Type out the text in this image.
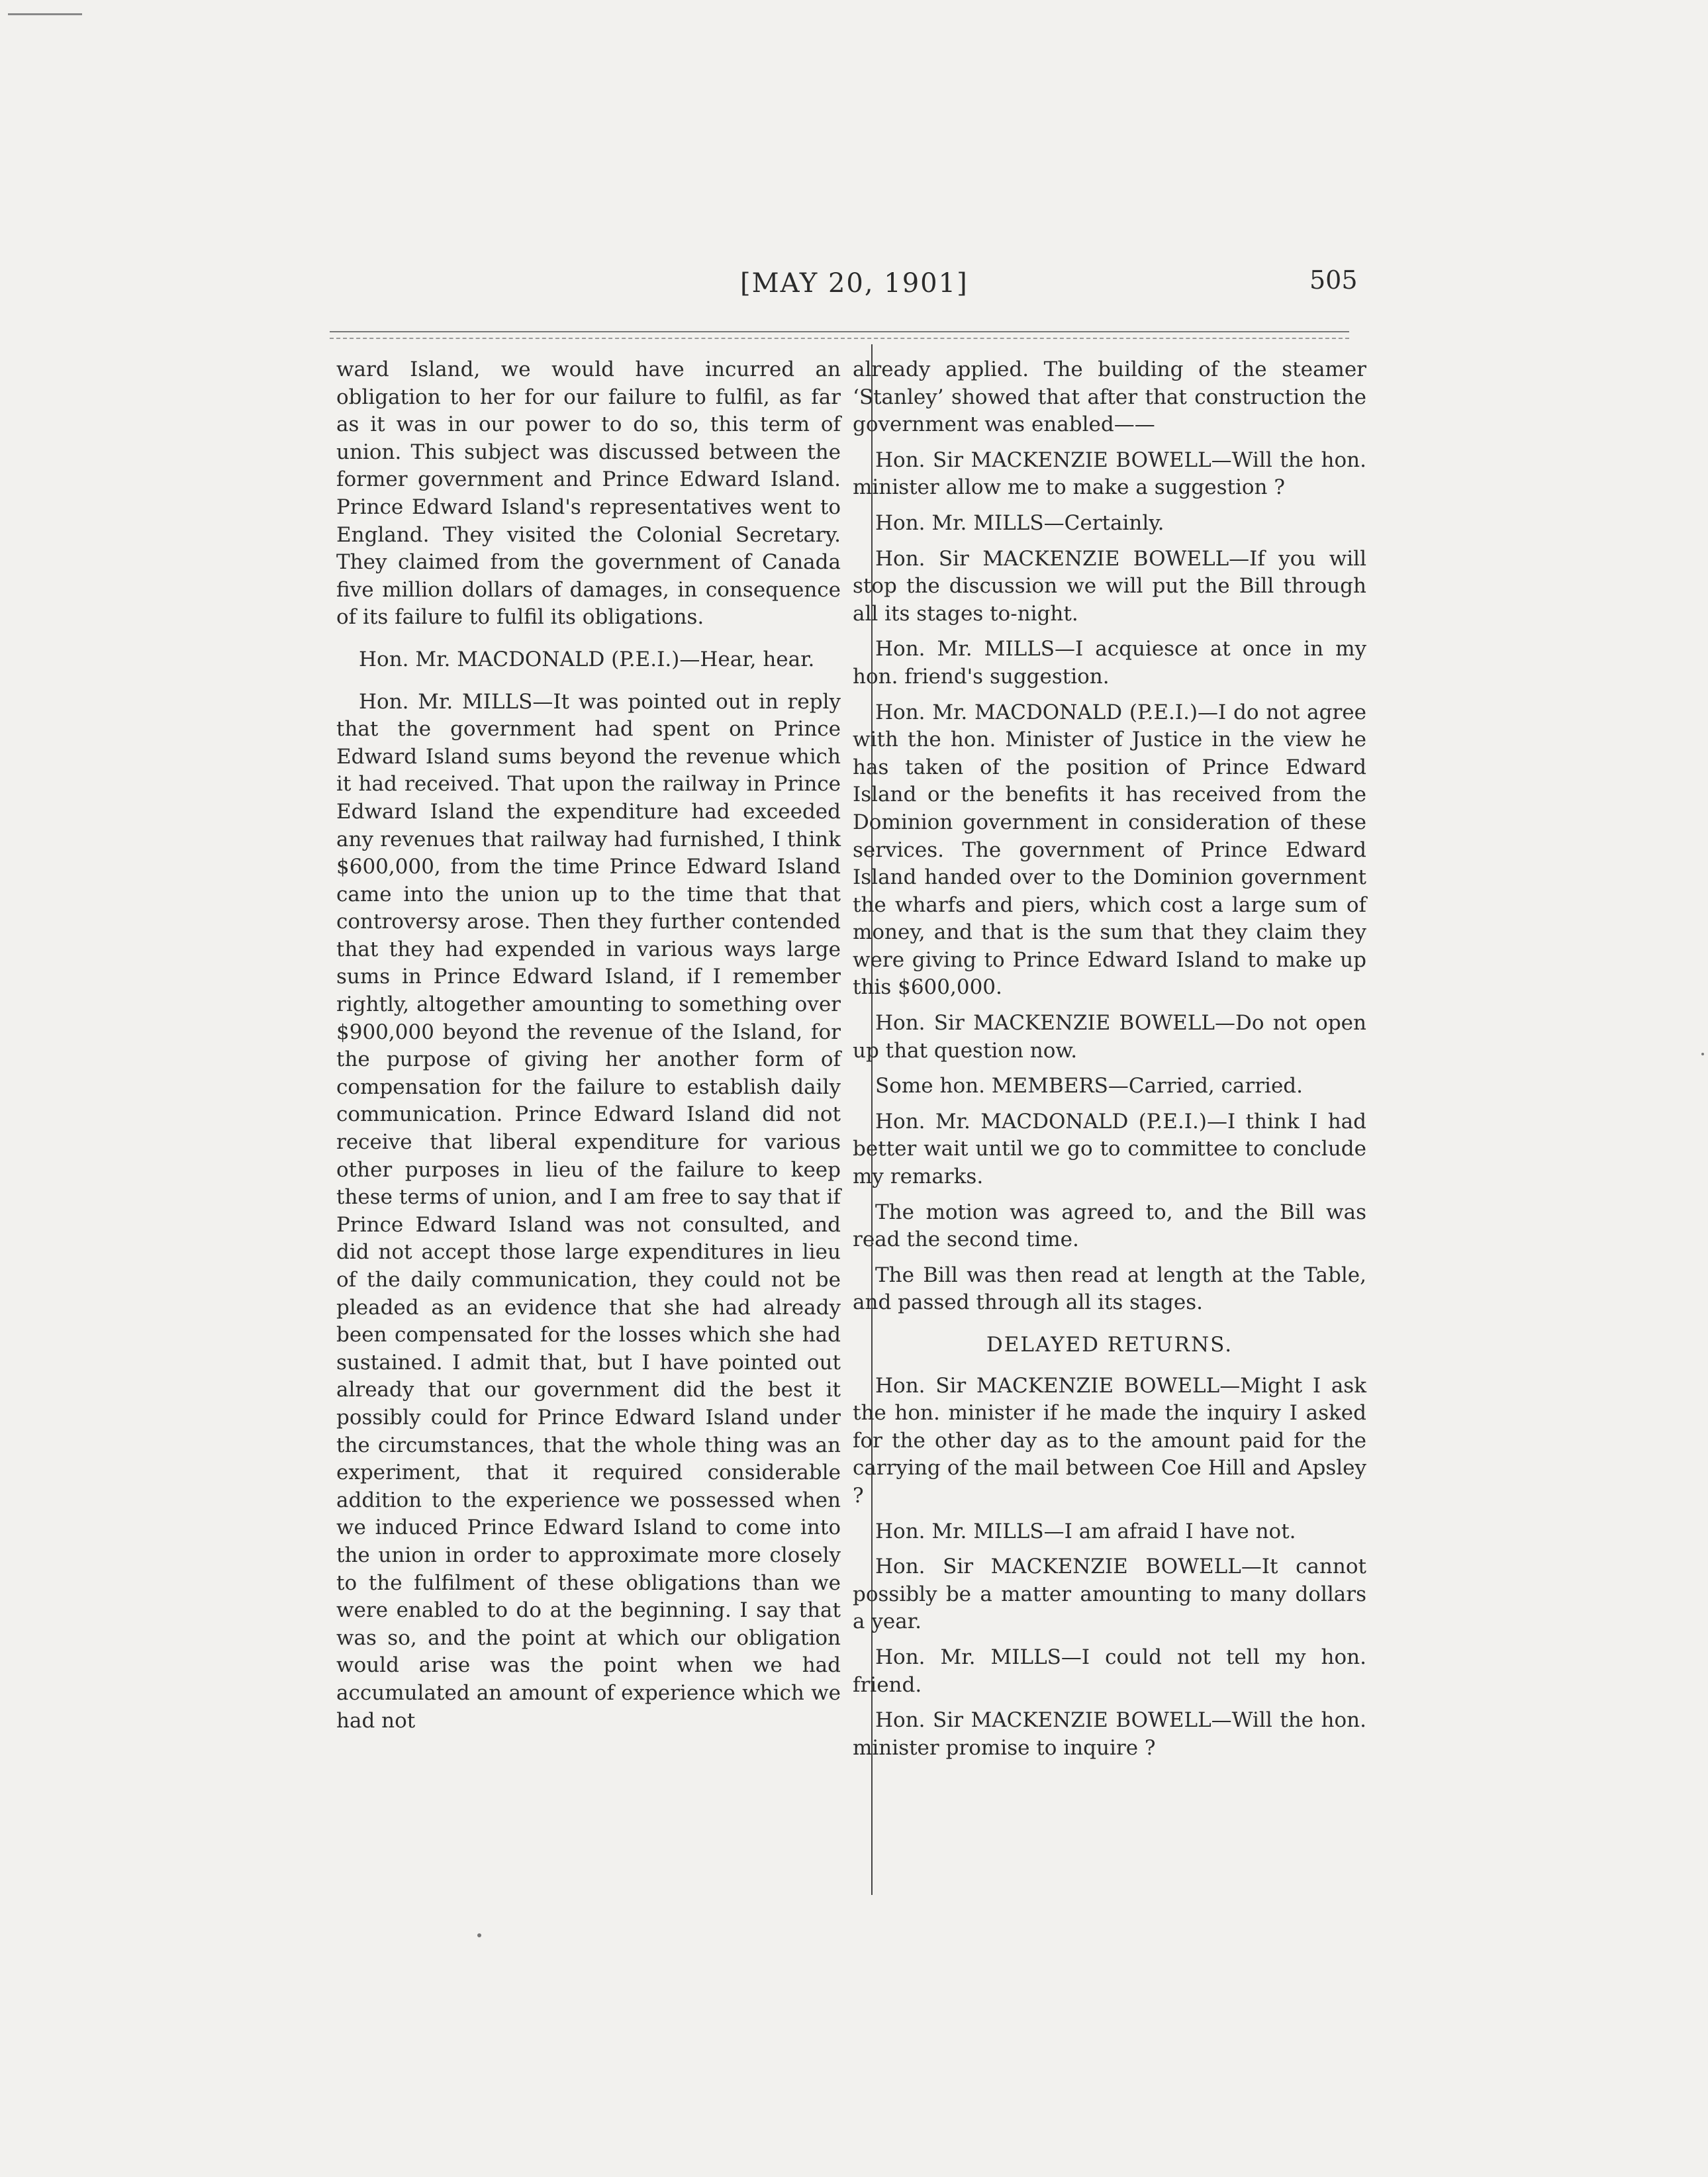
[MAY 20, 1901]	505

ward Island, we would have incurred an obligation to her for our failure to fulfil, as far as it was in our power to do so, this term of union. This subject was discussed between the former government and Prince Edward Island. Prince Edward Island's representatives went to England. They visited the Colonial Secretary. They claimed from the government of Canada five million dollars of damages, in consequence of its failure to fulfil its obligations.

Hon. Mr. MACDONALD (P.E.I.)—Hear, hear.

Hon. Mr. MILLS—It was pointed out in reply that the government had spent on Prince Edward Island sums beyond the revenue which it had received. That upon the railway in Prince Edward Island the expenditure had exceeded any revenues that railway had furnished, I think $600,000, from the time Prince Edward Island came into the union up to the time that that controversy arose. Then they further contended that they had expended in various ways large sums in Prince Edward Island, if I remember rightly, altogether amounting to something over $900,000 beyond the revenue of the Island, for the purpose of giving her another form of compensation for the failure to establish daily communication. Prince Edward Island did not receive that liberal expenditure for various other purposes in lieu of the failure to keep these terms of union, and I am free to say that if Prince Edward Island was not consulted, and did not accept those large expenditures in lieu of the daily communication, they could not be pleaded as an evidence that she had already been compensated for the losses which she had sustained. I admit that, but I have pointed out already that our government did the best it possibly could for Prince Edward Island under the circumstances, that the whole thing was an experiment, that it required considerable addition to the experience we possessed when we induced Prince Edward Island to come into the union in order to approximate more closely to the fulfilment of these obligations than we were enabled to do at the beginning. I say that was so, and the point at which our obligation would arise was the point when we had accumulated an amount of experience which we had not

already applied. The building of the steamer ‘Stanley’ showed that after that construction the government was enabled——

Hon. Sir MACKENZIE BOWELL—Will the hon. minister allow me to make a suggestion ?

Hon. Mr. MILLS—Certainly.

Hon. Sir MACKENZIE BOWELL—If you will stop the discussion we will put the Bill through all its stages to-night.

Hon. Mr. MILLS—I acquiesce at once in my hon. friend's suggestion.

Hon. Mr. MACDONALD (P.E.I.)—I do not agree with the hon. Minister of Justice in the view he has taken of the position of Prince Edward Island or the benefits it has received from the Dominion government in consideration of these services. The government of Prince Edward Island handed over to the Dominion government the wharfs and piers, which cost a large sum of money, and that is the sum that they claim they were giving to Prince Edward Island to make up this $600,000.

Hon. Sir MACKENZIE BOWELL—Do not open up that question now.

Some hon. MEMBERS—Carried, carried.

Hon. Mr. MACDONALD (P.E.I.)—I think I had better wait until we go to committee to conclude my remarks.

The motion was agreed to, and the Bill was read the second time.

The Bill was then read at length at the Table, and passed through all its stages.

DELAYED RETURNS.

Hon. Sir MACKENZIE BOWELL—Might I ask the hon. minister if he made the inquiry I asked for the other day as to the amount paid for the carrying of the mail between Coe Hill and Apsley ?

Hon. Mr. MILLS—I am afraid I have not.

Hon. Sir MACKENZIE BOWELL—It cannot possibly be a matter amounting to many dollars a year.

Hon. Mr. MILLS—I could not tell my hon. friend.

Hon. Sir MACKENZIE BOWELL—Will the hon. minister promise to inquire ?
